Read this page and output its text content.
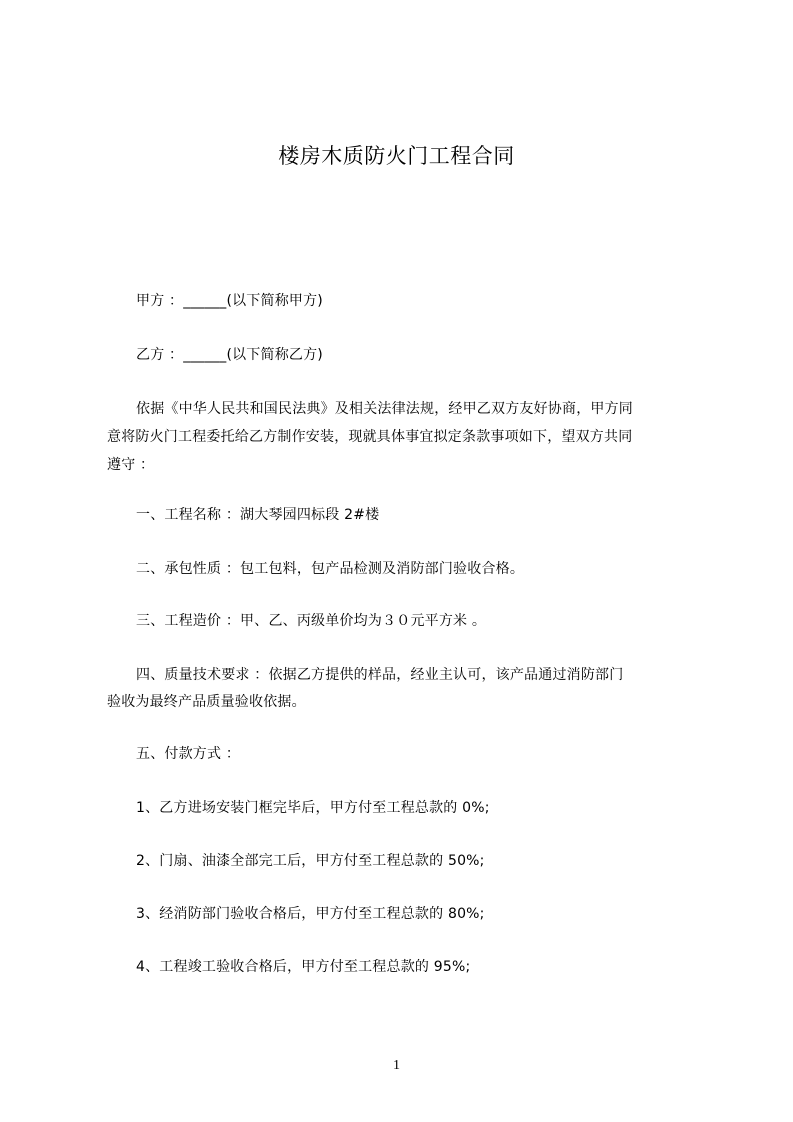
楼房木质防火门工程合同
甲方 ：______(以下简称甲方)
乙方 ：______(以下简称乙方)
依据《中华人民共和国民法典》及相关法律法规，经甲乙双方友好协商，甲方同
意将防火门工程委托给乙方制作安装，现就具体事宜拟定条款事项如下，望双方共同
遵守 ：
一、工程名称 ：湖大琴园四标段 2#楼
二、承包性质 ：包工包料，包产品检测及消防部门验收合格。
三、工程造价 ：甲、乙、丙级单价均为３０元平方米 。
四、质量技术要求 ：依据乙方提供的样品，经业主认可，该产品通过消防部门
验收为最终产品质量验收依据。
五、付款方式 ：
1、乙方进场安装门框完毕后，甲方付至工程总款的 0%;
2、门扇、油漆全部完工后，甲方付至工程总款的 50%;
3、经消防部门验收合格后，甲方付至工程总款的 80%;
4、工程竣工验收合格后，甲方付至工程总款的 95%;
1
